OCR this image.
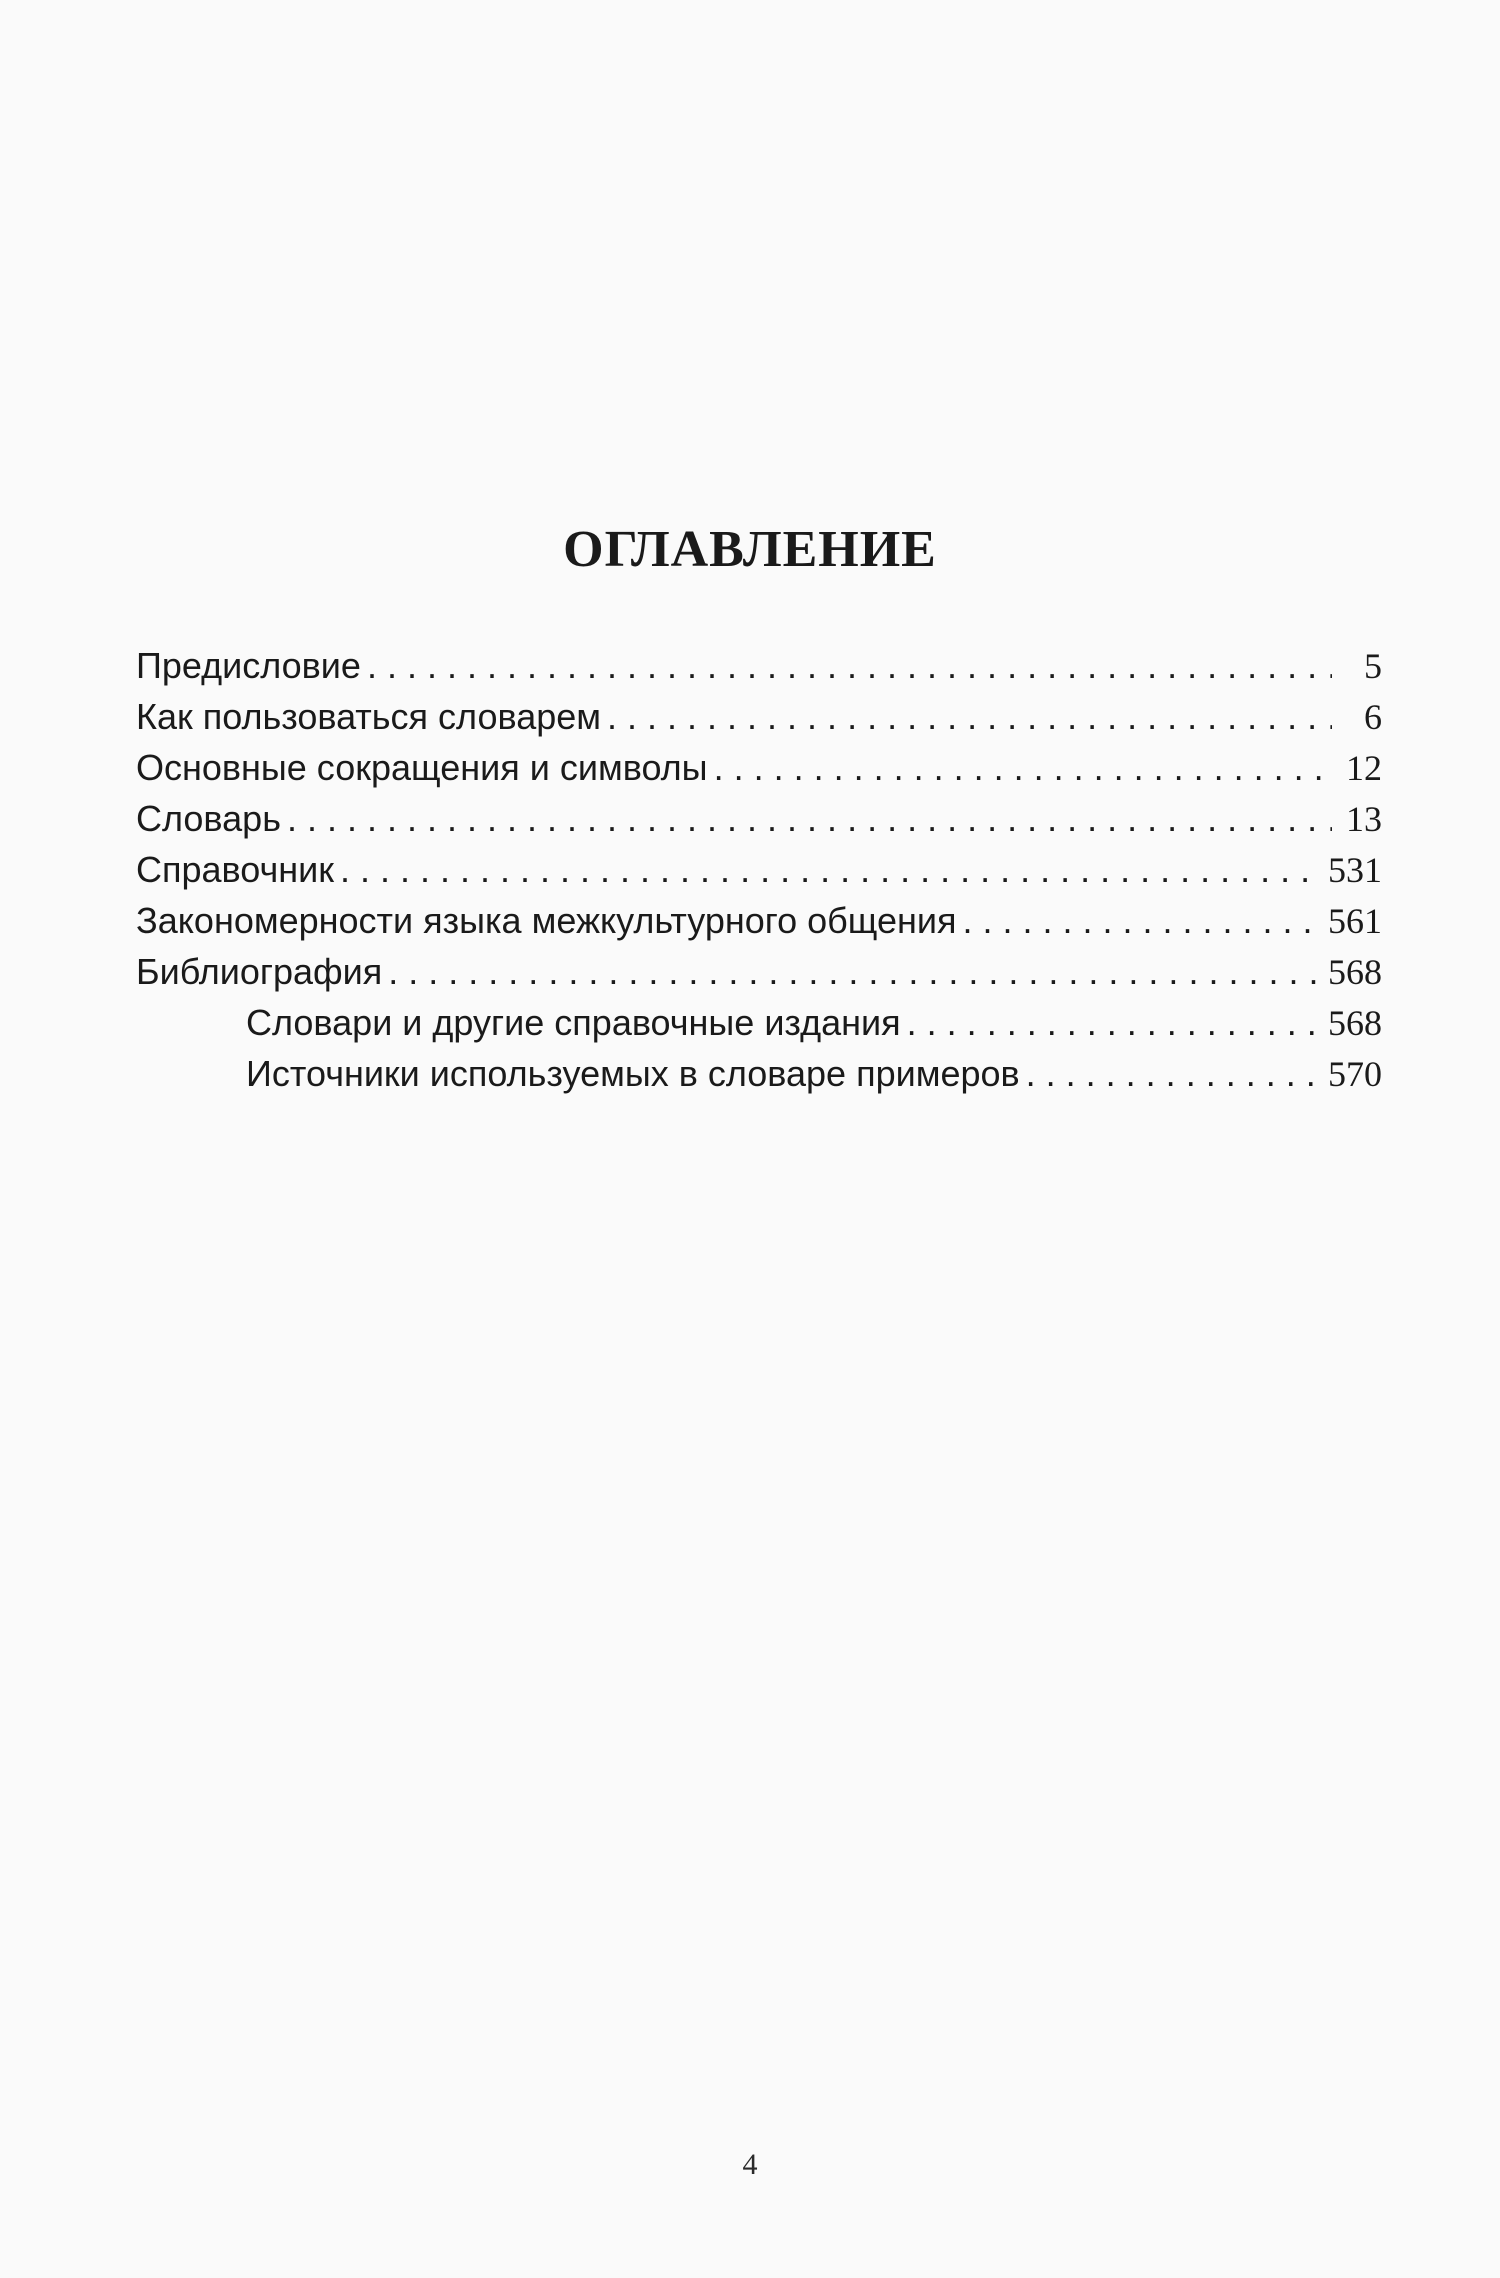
ОГЛАВЛЕНИЕ
Предисловие . . .	5
Как пользоваться словарем . . .	6
Основные сокращения и символы . . .	12
Словарь . . .	13
Справочник . . .	531
Закономерности языка межкультурного общения . . .	561
Библиография . . .	568
Словари и другие справочные издания . . .	568
Источники используемых в словаре примеров . . .	570
4
